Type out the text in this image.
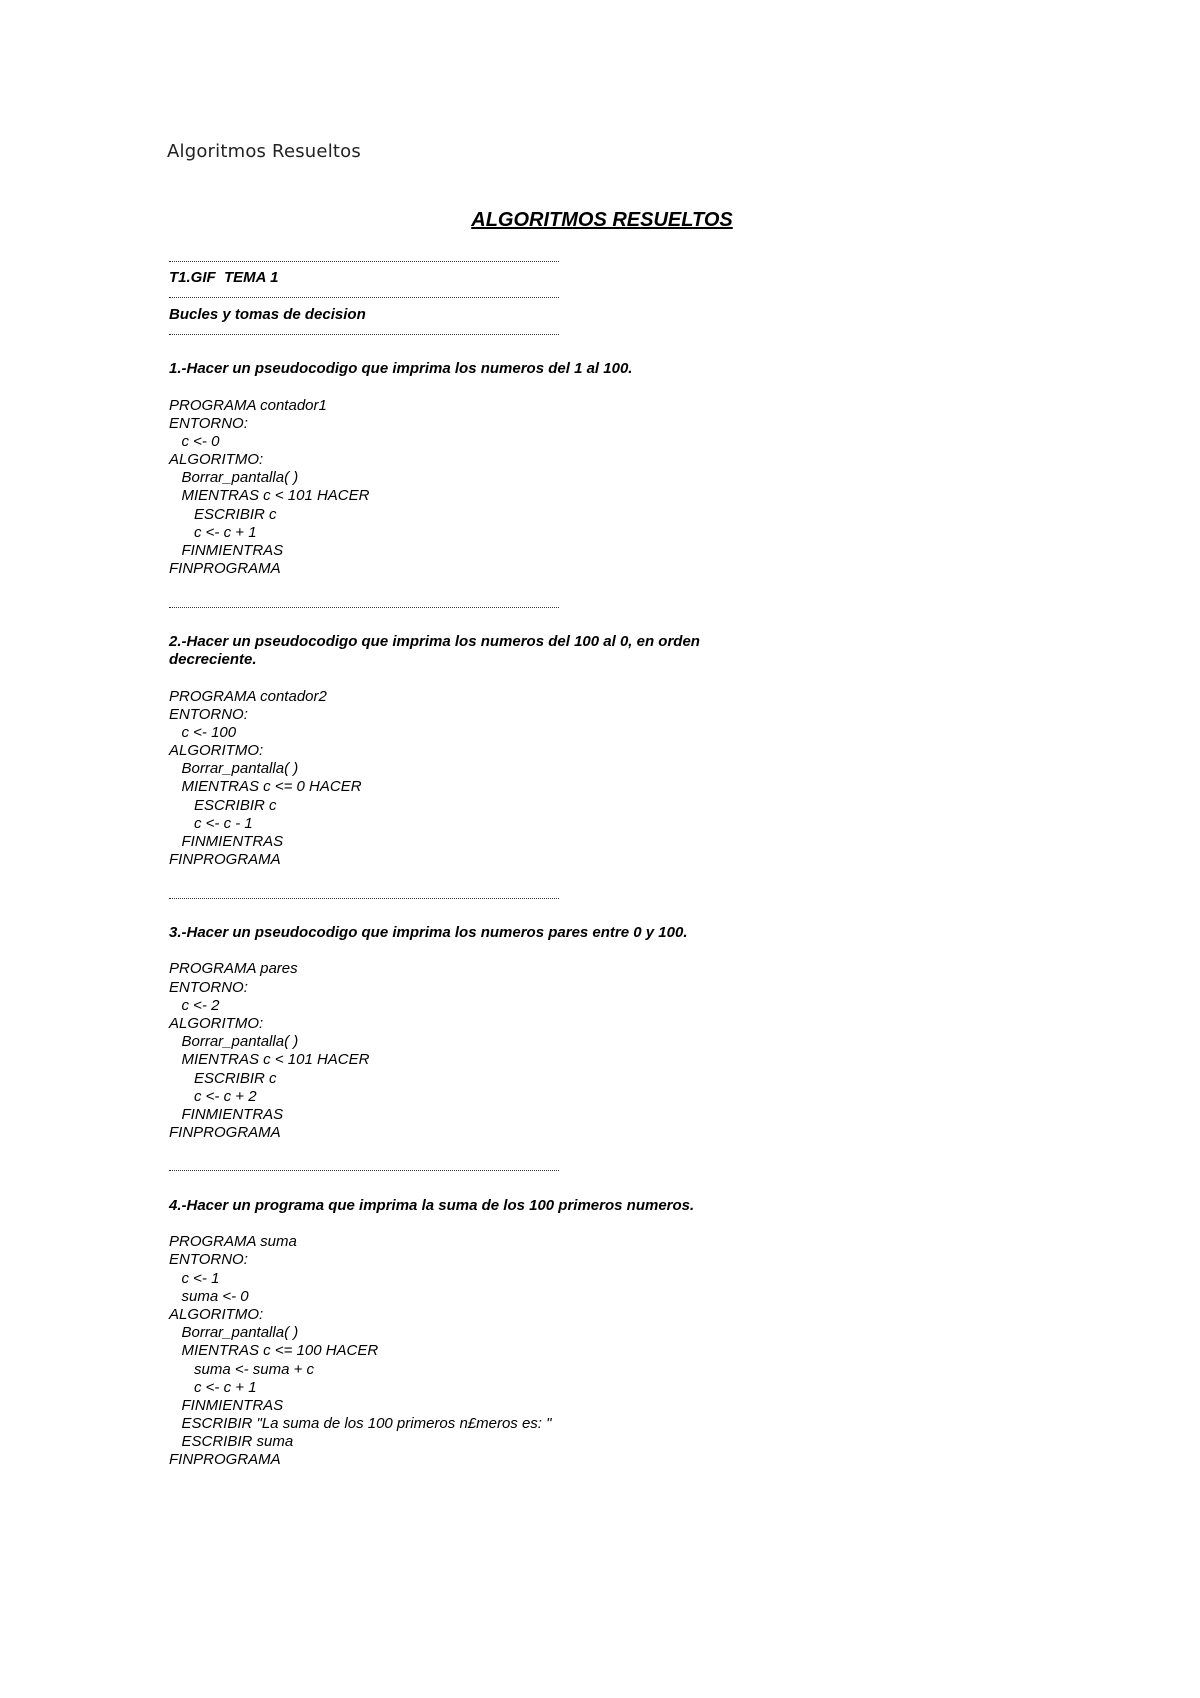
Algoritmos Resueltos
ALGORITMOS RESUELTOS
T1.GIF  TEMA 1
Bucles y tomas de decision
1.-Hacer un pseudocodigo que imprima los numeros del 1 al 100.
PROGRAMA contador1
ENTORNO:
c <- 0
ALGORITMO:
Borrar_pantalla( )
MIENTRAS c < 101 HACER
ESCRIBIR c
c <- c + 1
FINMIENTRAS
FINPROGRAMA
2.-Hacer un pseudocodigo que imprima los numeros del 100 al 0, en orden decreciente.
PROGRAMA contador2
ENTORNO:
c <- 100
ALGORITMO:
Borrar_pantalla( )
MIENTRAS c <= 0 HACER
ESCRIBIR c
c <- c - 1
FINMIENTRAS
FINPROGRAMA
3.-Hacer un pseudocodigo que imprima los numeros pares entre 0 y 100.
PROGRAMA pares
ENTORNO:
c <- 2
ALGORITMO:
Borrar_pantalla( )
MIENTRAS c < 101 HACER
ESCRIBIR c
c <- c + 2
FINMIENTRAS
FINPROGRAMA
4.-Hacer un programa que imprima la suma de los 100 primeros numeros.
PROGRAMA suma
ENTORNO:
c <- 1
suma <- 0
ALGORITMO:
Borrar_pantalla( )
MIENTRAS c <= 100 HACER
suma <- suma + c
c <- c + 1
FINMIENTRAS
ESCRIBIR "La suma de los 100 primeros n£meros es: "
ESCRIBIR suma
FINPROGRAMA
